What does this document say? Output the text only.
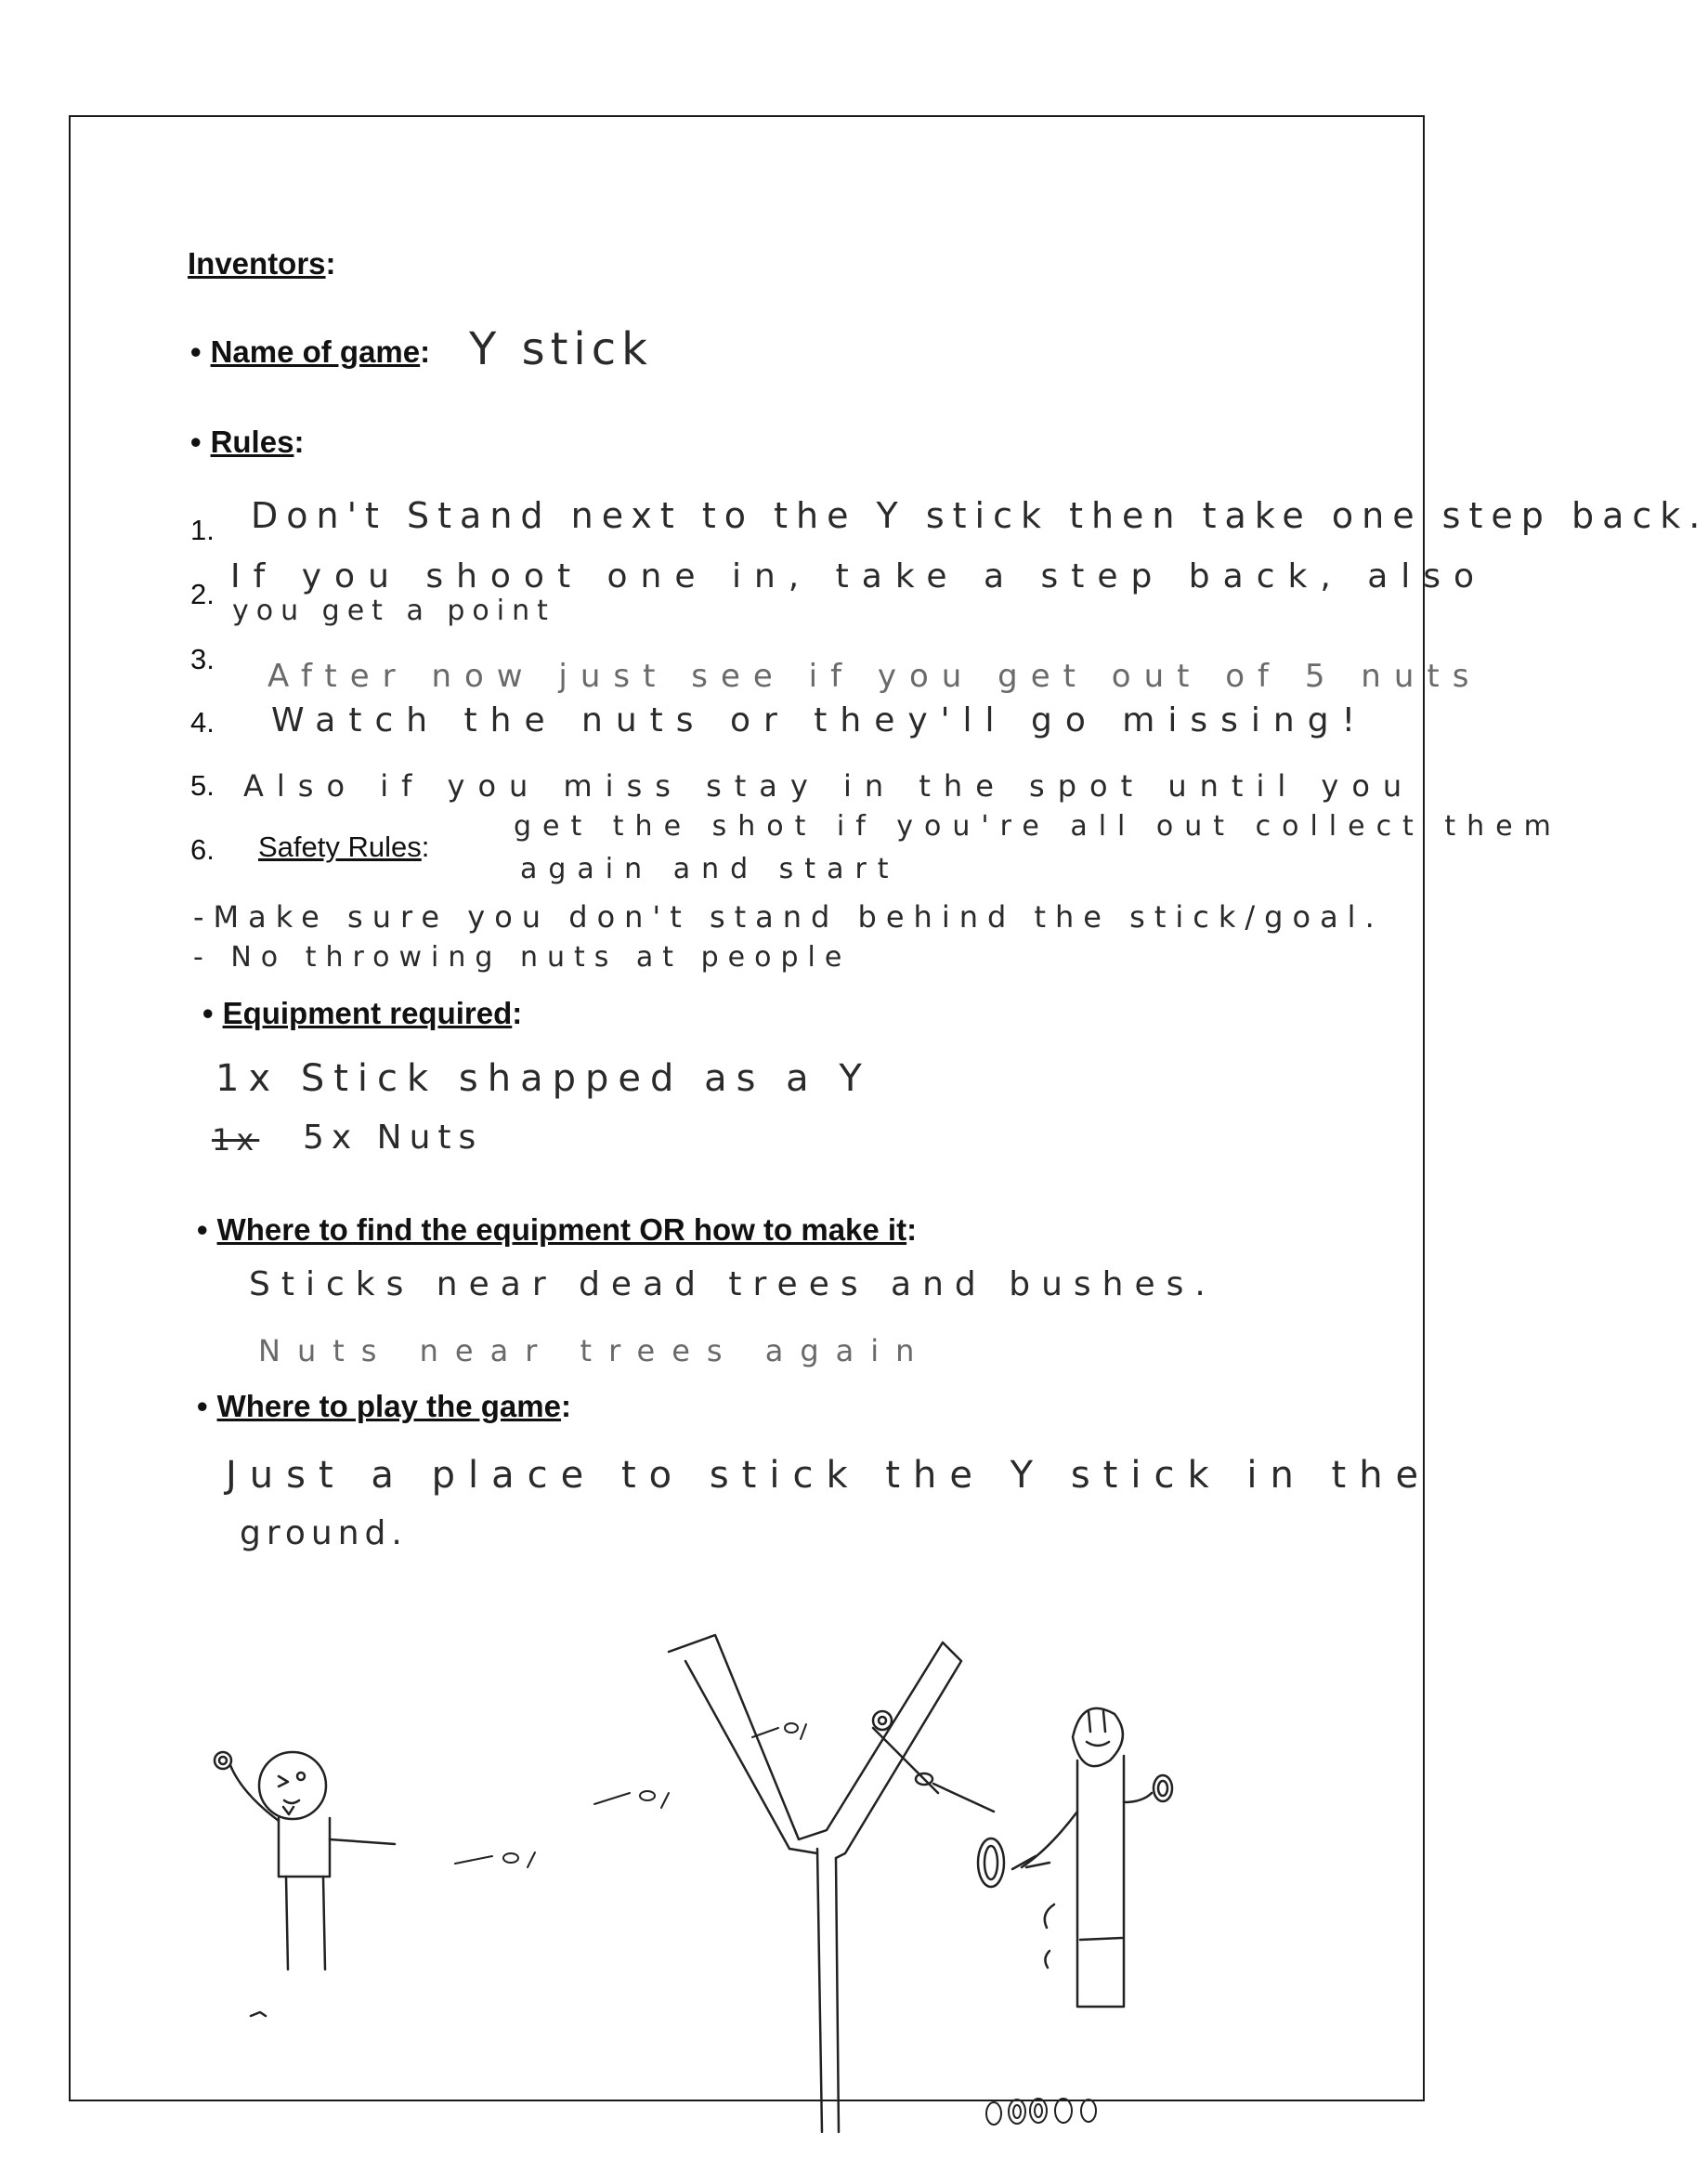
Inventors:
• Name of game: Y stick
• Rules:
1.
2.
3.
4.
5.
6.
Don't Stand next to the Y stick then take one step back.
If you shoot one in, take a step back, also
you get a point
After now just see if you get out of 5 nuts
Watch the nuts or they'll go missing!
Also if you miss stay in the spot until you
get the shot if you're all out collect them
again and start
Safety Rules:
-Make sure you don't stand behind the stick/goal.
- No throwing nuts at people
• Equipment required:
1x Stick shapped as a Y
1x 5x Nuts
• Where to find the equipment OR how to make it:
Sticks near dead trees and bushes.
Nuts near trees again
• Where to play the game:
Just a place to stick the Y stick in the
ground.
